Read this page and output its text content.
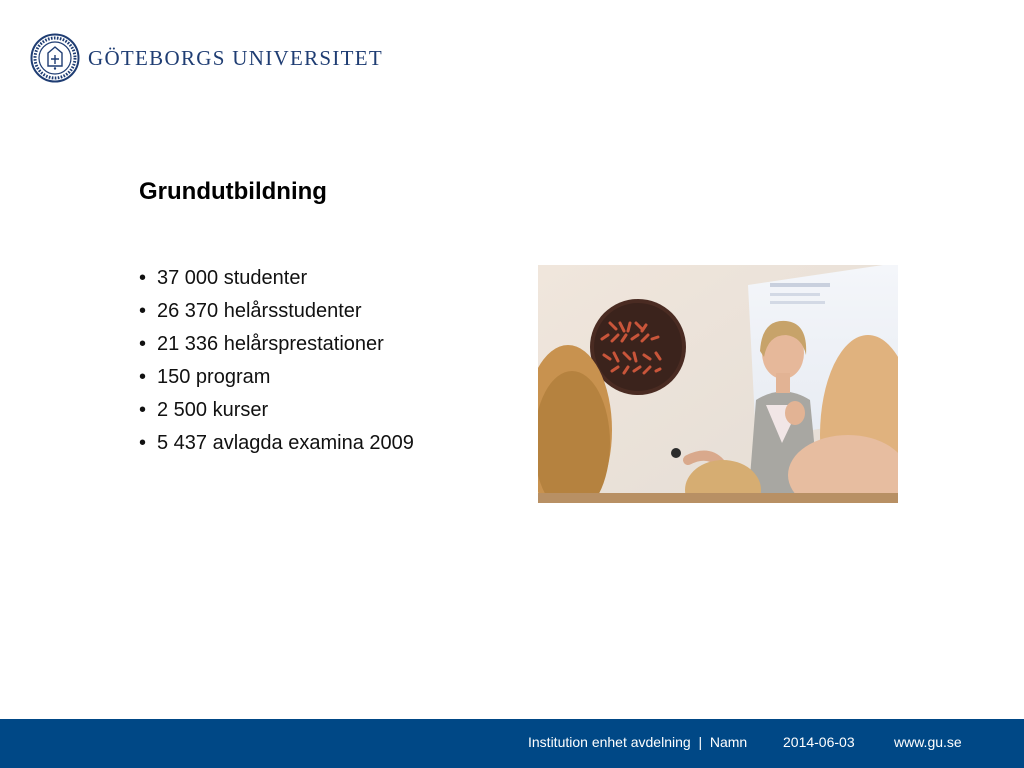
GÖTEBORGS UNIVERSITET
Grundutbildning
• 37 000 studenter
• 26 370 helårsstudenter
• 21 336 helårsprestationer
• 150 program
• 2 500 kurser
• 5 437 avlagda examina 2009
Institution enhet avdelning  |  Namn	2014-06-03	www.gu.se
